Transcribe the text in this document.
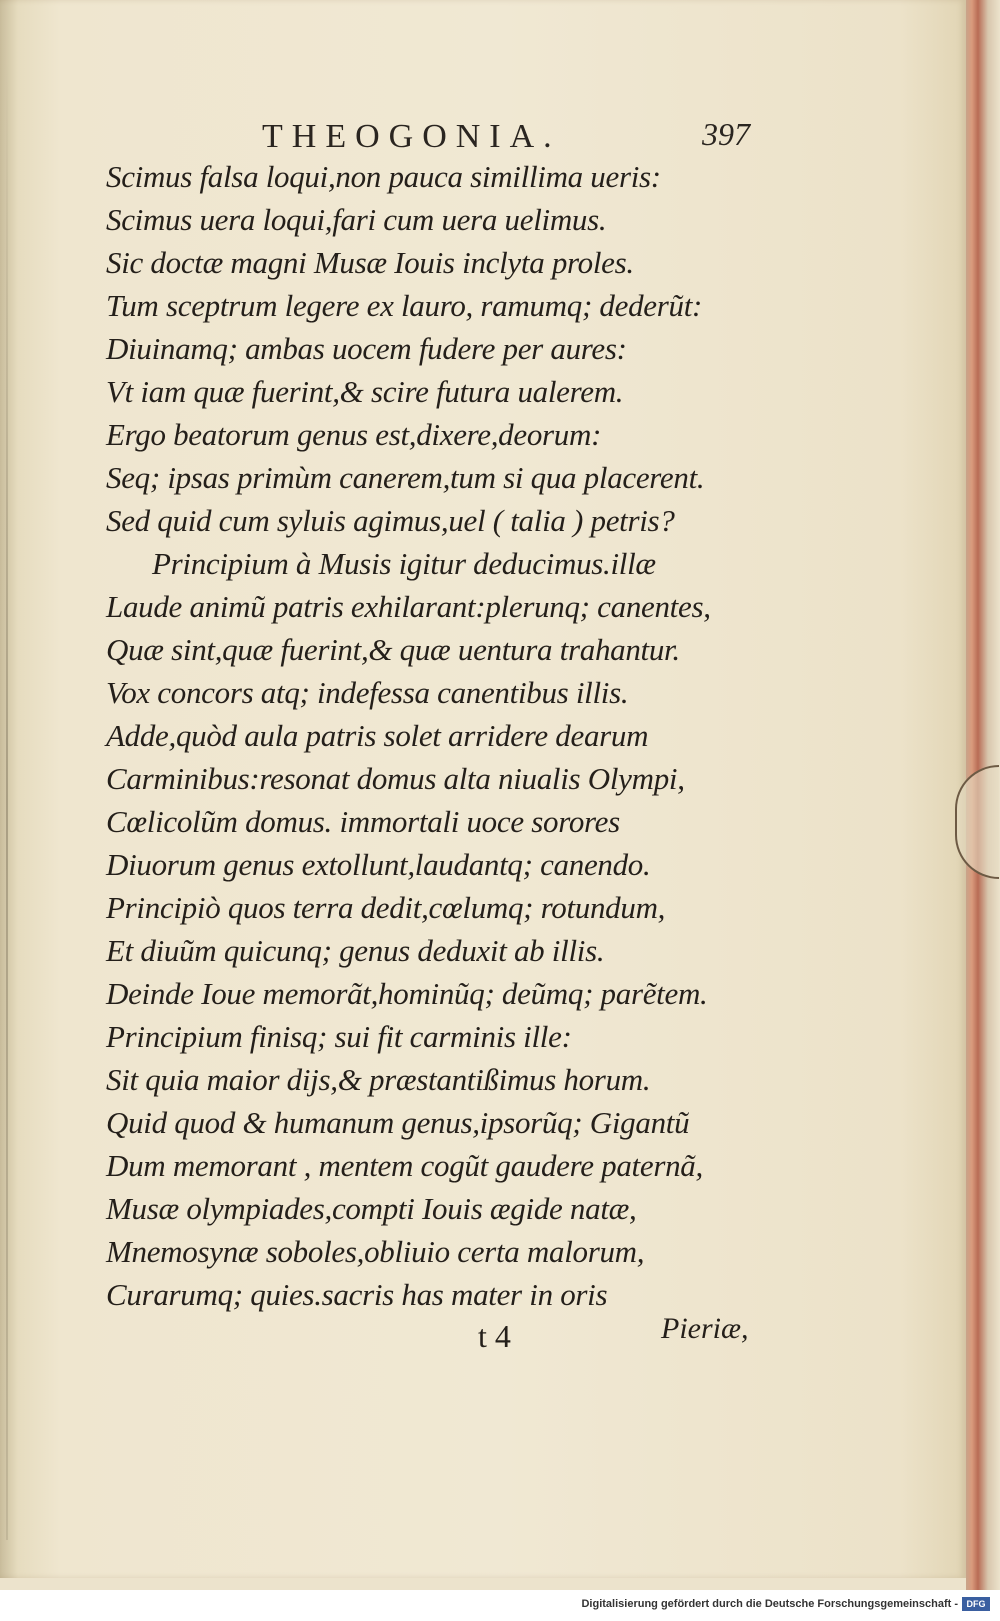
THEOGONIA.	397
Scimus falsa loqui,non pauca simillima ueris:
Scimus uera loqui,fari cum uera uelimus.
Sic doctæ magni Musæ Iouis inclyta proles.
Tum sceptrum legere ex lauro, ramumq; dederũt:
Diuinamq; ambas uocem fudere per aures:
Vt iam quæ fuerint,& scire futura ualerem.
Ergo beatorum genus est,dixere,deorum:
Seq; ipsas primùm canerem,tum si qua placerent.
Sed quid cum syluis agimus,uel ( talia ) petris?
Principium à Musis igitur deducimus.illæ
Laude animũ patris exhilarant:plerunq; canentes,
Quæ sint,quæ fuerint,& quæ uentura trahantur.
Vox concors atq; indefessa canentibus illis.
Adde,quòd aula patris solet arridere dearum
Carminibus:resonat domus alta niualis Olympi,
Cœlicolũm domus. immortali uoce sorores
Diuorum genus extollunt,laudantq; canendo.
Principiò quos terra dedit,cœlumq; rotundum,
Et diuũm quicunq; genus deduxit ab illis.
Deinde Ioue memorãt,hominũq; deũmq; parẽtem.
Principium finisq; sui fit carminis ille:
Sit quia maior dijs,& præstantißimus horum.
Quid quod & humanum genus,ipsorũq; Gigantũ
Dum memorant , mentem cogũt gaudere paternã,
Musæ olympiades,compti Iouis ægide natæ,
Mnemosynæ soboles,obliuio certa malorum,
Curarumq; quies.sacris has mater in oris
t 4	Pieriæ,
Digitalisierung gefördert durch die Deutsche Forschungsgemeinschaft - DFG
